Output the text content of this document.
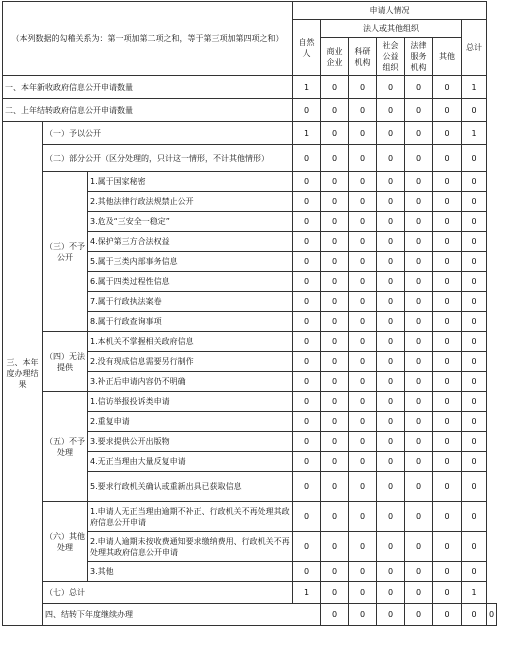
（本列数据的勾稽关系为：第一项加第二项之和，等于第三项加第四项之和）			申请人情况							
			自然人	法人或其他组织					总计	
				商业企业	科研机构	社会公益组织	法律服务机构	其他		
一、本年新收政府信息公开申请数量			1	0	0	0	0	0	1	
二、上年结转政府信息公开申请数量			0	0	0	0	0	0	0	
三、本年度办理结果	（一）予以公开		1	0	0	0	0	0	1	
	（二）部分公开（区分处理的，只计这一情形，不计其他情形）		0	0	0	0	0	0	0	
	（三）不予公开	1.属于国家秘密	0	0	0	0	0	0	0	
		2.其他法律行政法规禁止公开	0	0	0	0	0	0	0	
		3.危及“三安全一稳定”	0	0	0	0	0	0	0	
		4.保护第三方合法权益	0	0	0	0	0	0	0	
		5.属于三类内部事务信息	0	0	0	0	0	0	0	
		6.属于四类过程性信息	0	0	0	0	0	0	0	
		7.属于行政执法案卷	0	0	0	0	0	0	0	
		8.属于行政查询事项	0	0	0	0	0	0	0	
	（四）无法提供	1.本机关不掌握相关政府信息	0	0	0	0	0	0	0	
		2.没有现成信息需要另行制作	0	0	0	0	0	0	0	
		3.补正后申请内容仍不明确	0	0	0	0	0	0	0	
	（五）不予处理	1.信访举报投诉类申请	0	0	0	0	0	0	0	
		2.重复申请	0	0	0	0	0	0	0	
		3.要求提供公开出版物	0	0	0	0	0	0	0	
		4.无正当理由大量反复申请	0	0	0	0	0	0	0	
		5.要求行政机关确认或重新出具已获取信息	0	0	0	0	0	0	0	
	（六）其他处理	1.申请人无正当理由逾期不补正、行政机关不再处理其政府信息公开申请	0	0	0	0	0	0	0	
		2.申请人逾期未按收费通知要求缴纳费用、行政机关不再处理其政府信息公开申请	0	0	0	0	0	0	0	
		3.其他	0	0	0	0	0	0	0	
	（七）总计		1	0	0	0	0	0	1	
	四、结转下年度继续办理			0	0	0	0	0	0	0
